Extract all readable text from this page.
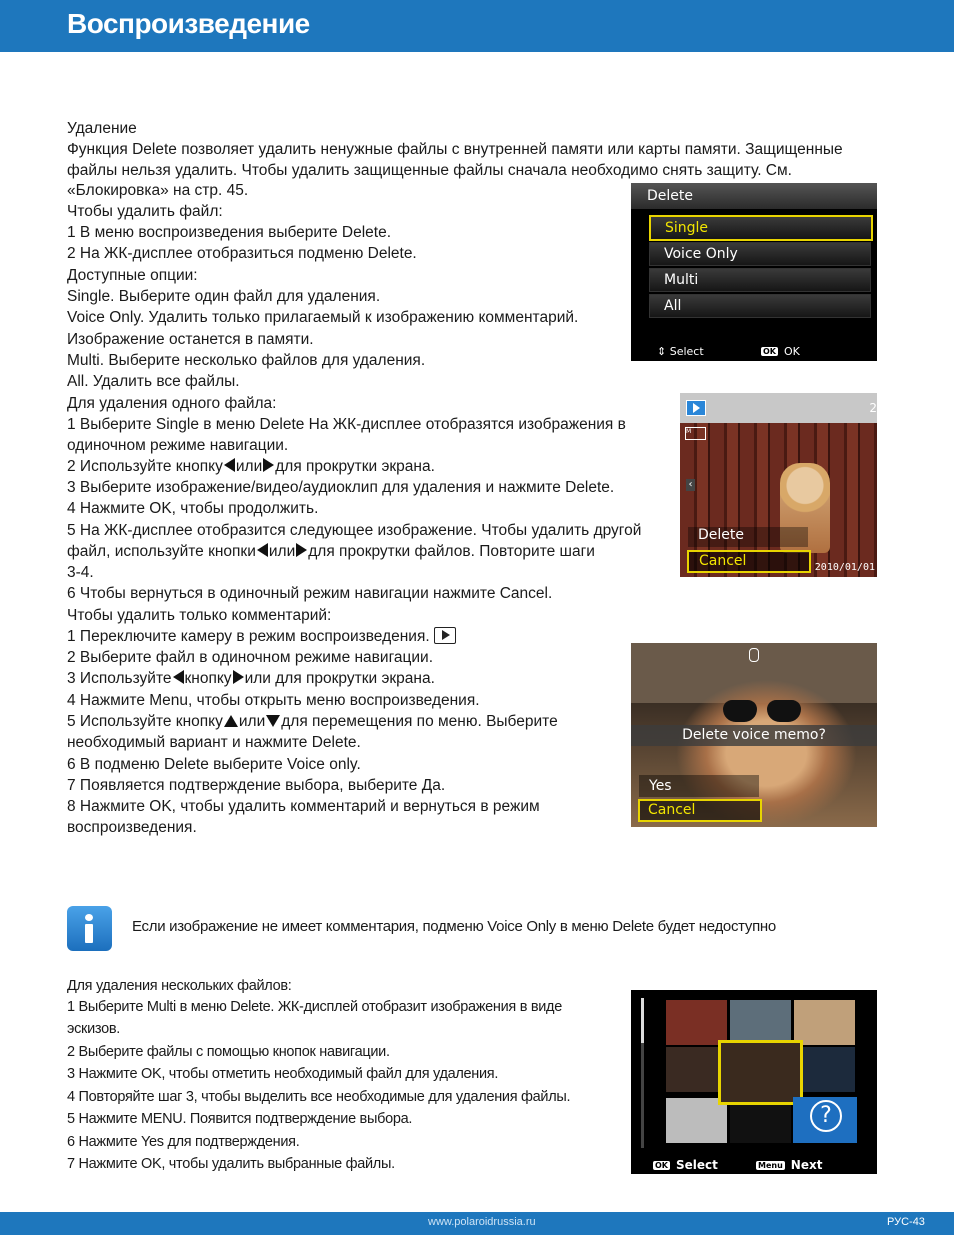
Воспроизведение
Удаление
Функция Delete позволяет удалить ненужные файлы с внутренней памяти или карты памяти. Защищенные
файлы нельзя удалить. Чтобы удалить защищенные файлы сначала необходимо снять защиту. См.
«Блокировка» на стр. 45.
Чтобы удалить файл:
1 В меню воспроизведения выберите Delete.
2 На ЖК-дисплее отобразиться подменю Delete.
Доступные опции:
Single. Выберите один файл для удаления.
Voice Only. Удалить только прилагаемый к изображению комментарий.
Изображение останется в памяти.
Multi. Выберите несколько файлов для удаления.
All. Удалить все файлы.
Для удаления одного файла:
1 Выберите Single в меню Delete На ЖК-дисплее отобразятся изображения в
одиночном режиме навигации.
2 Используйте кнопку или для прокрутки экрана.
3 Выберите изображение/видео/аудиоклип для удаления и нажмите Delete.
4 Нажмите OK, чтобы продолжить.
5 На ЖК-дисплее отобразится следующее изображение. Чтобы удалить другой
файл, используйте кнопки или для прокрутки файлов. Повторите шаги
3-4.
6 Чтобы вернуться в одиночный режим навигации нажмите Cancel.
Чтобы удалить только комментарий:
1 Переключите камеру в режим воспроизведения.
2 Выберите файл в одиночном режиме навигации.
3 Используйте кнопку или для прокрутки экрана.
4 Нажмите Menu, чтобы открыть меню воспроизведения.
5 Используйте кнопку или для перемещения по меню. Выберите
необходимый вариант и нажмите Delete.
6 В подменю Delete выберите Voice only.
7 Появляется подтверждение выбора, выберите Да.
8 Нажмите OK, чтобы удалить комментарий и вернуться в режим
воспроизведения.
Delete
Single
Voice Only
Multi
All
⇕ Select	OK OK
M
2
‹
Delete
Cancel	2010/01/01
Delete voice memo?
Yes
Cancel
Если изображение не имеет комментария, подменю Voice Only в меню Delete будет недоступно
Для удаления нескольких файлов:
1 Выберите Multi в меню Delete. ЖК-дисплей отобразит изображения в виде
эскизов.
2 Выберите файлы с помощью кнопок навигации.
3 Нажмите OK, чтобы отметить необходимый файл для удаления.
4 Повторяйте шаг 3, чтобы выделить все необходимые для удаления файлы.
5 Нажмите MENU. Появится подтверждение выбора.
6 Нажмите Yes для подтверждения.
7 Нажмите OK, чтобы удалить выбранные файлы.
?	OK Select	Menu Next
www.polaroidrussia.ru	РУС-43
